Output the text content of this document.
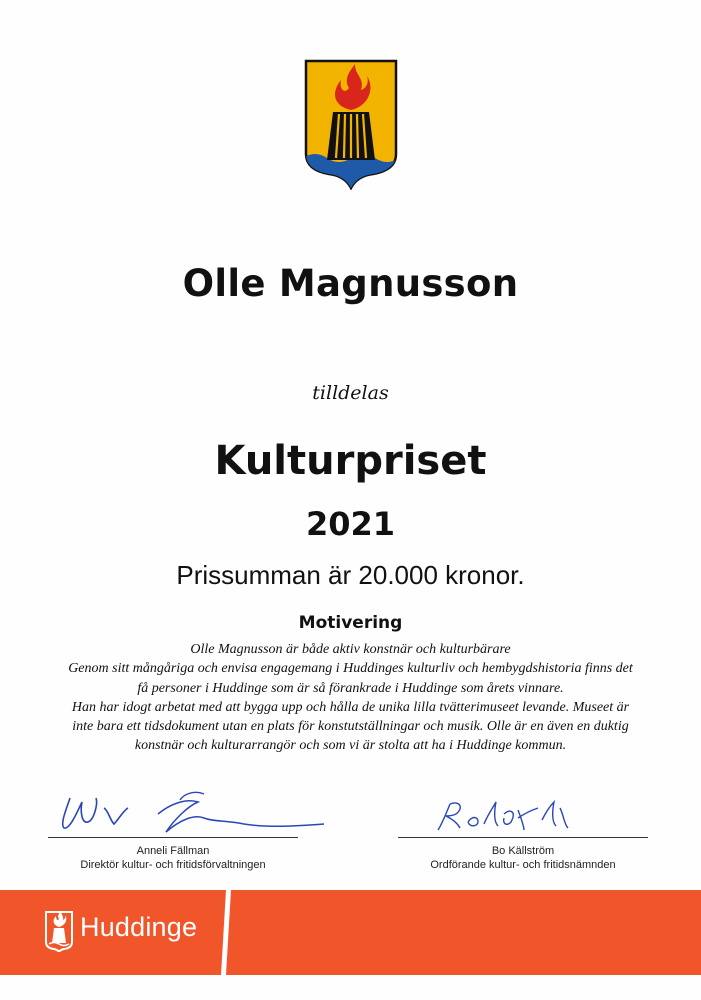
Olle Magnusson
tilldelas
Kulturpriset
2021
Prissumman är 20.000 kronor.
Motivering
Olle Magnusson är både aktiv konstnär och kulturbärare
Genom sitt mångåriga och envisa engagemang i Huddinges kulturliv och hembygdshistoria finns det
få personer i Huddinge som är så förankrade i Huddinge som årets vinnare.
Han har idogt arbetat med att bygga upp och hålla de unika lilla tvätterimuseet levande. Museet är
inte bara ett tidsdokument utan en plats för konstutställningar och musik. Olle är en även en duktig
konstnär och kulturarrangör och som vi är stolta att ha i Huddinge kommun.
Anneli Fällman
Direktör kultur- och fritidsförvaltningen
Bo Källström
Ordförande kultur- och fritidsnämnden
Huddinge
